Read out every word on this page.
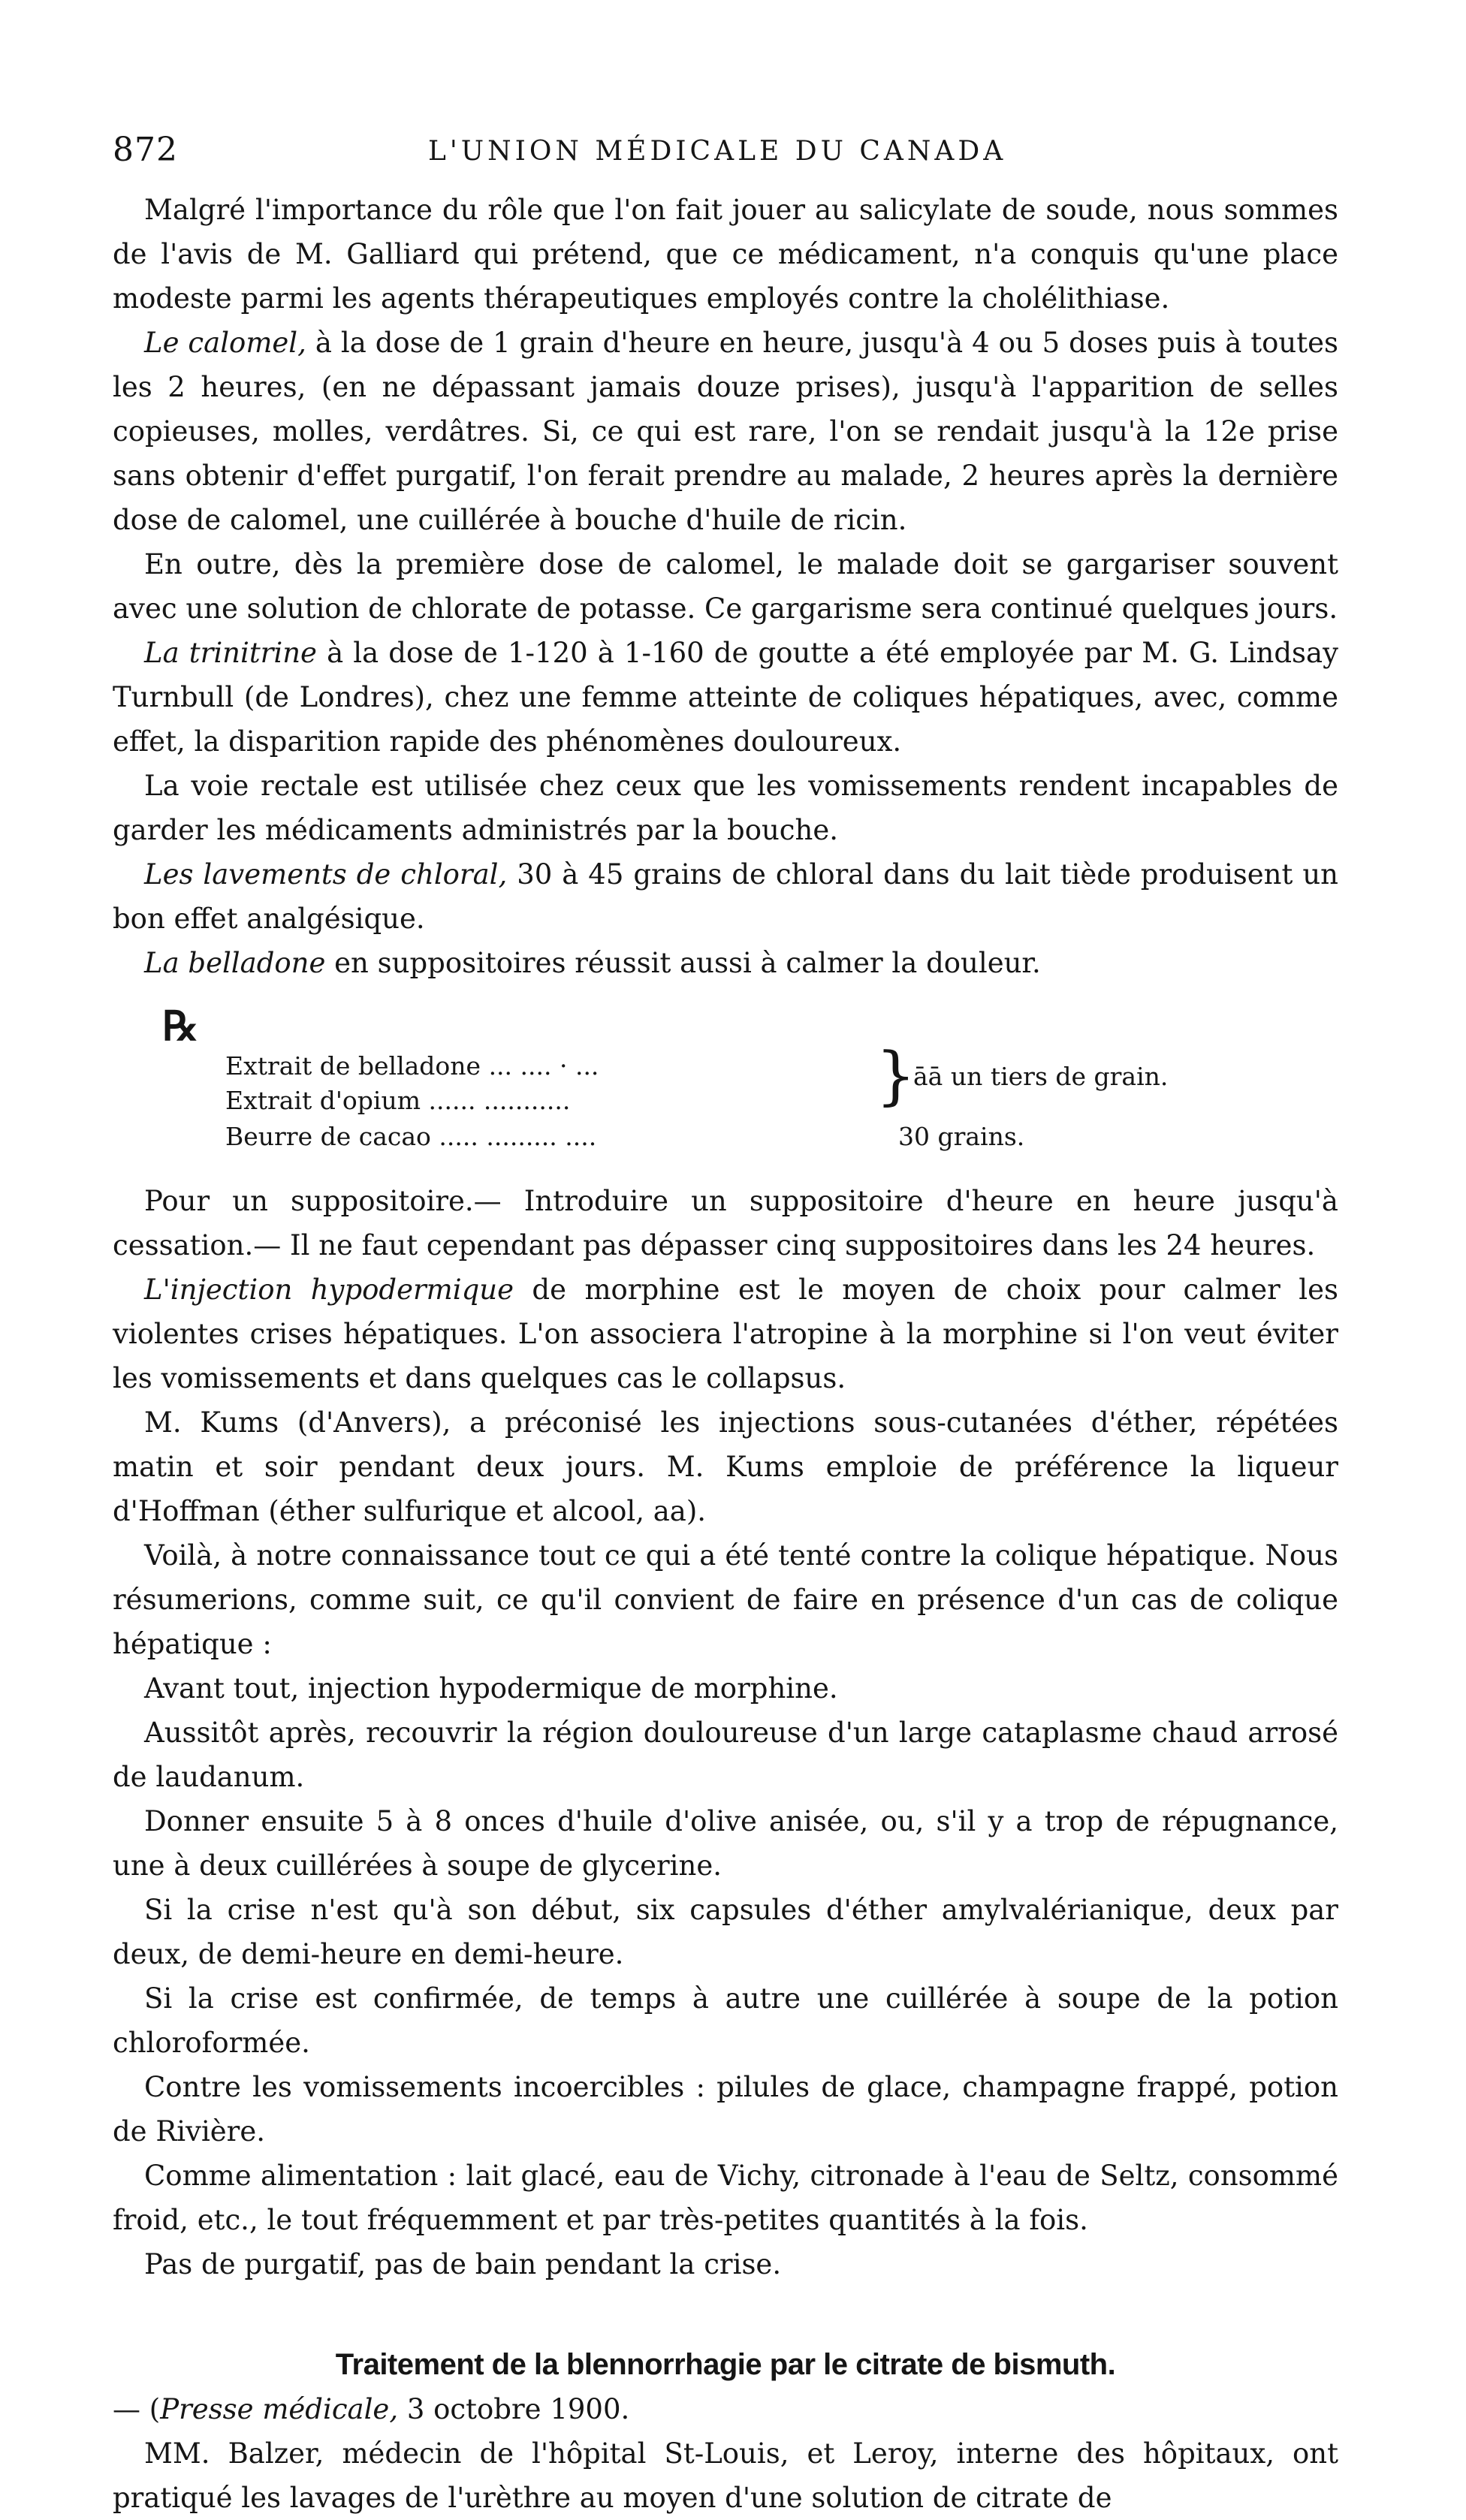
872	L'UNION MÉDICALE DU CANADA

Malgré l'importance du rôle que l'on fait jouer au salicylate de soude, nous sommes de l'avis de M. Galliard qui prétend, que ce médicament, n'a conquis qu'une place modeste parmi les agents thérapeutiques employés contre la cholélithiase.

Le calomel, à la dose de 1 grain d'heure en heure, jusqu'à 4 ou 5 doses puis à toutes les 2 heures, (en ne dépassant jamais douze prises), jusqu'à l'apparition de selles copieuses, molles, verdâtres. Si, ce qui est rare, l'on se rendait jusqu'à la 12e prise sans obtenir d'effet purgatif, l'on ferait prendre au malade, 2 heures après la dernière dose de calomel, une cuillérée à bouche d'huile de ricin.

En outre, dès la première dose de calomel, le malade doit se gargariser souvent avec une solution de chlorate de potasse. Ce gargarisme sera continué quelques jours.

La trinitrine à la dose de 1-120 à 1-160 de goutte a été employée par M. G. Lindsay Turnbull (de Londres), chez une femme atteinte de coliques hépatiques, avec, comme effet, la disparition rapide des phénomènes douloureux.

La voie rectale est utilisée chez ceux que les vomissements rendent incapables de garder les médicaments administrés par la bouche.

Les lavements de chloral, 30 à 45 grains de chloral dans du lait tiède produisent un bon effet analgésique.

La belladone en suppositoires réussit aussi à calmer la douleur.

℞
Extrait de belladone ... .... · ...
Extrait d'opium ...... ...........
Beurre de cacao ..... ......... ....
}
āā un tiers de grain.
30 grains.

Pour un suppositoire.— Introduire un suppositoire d'heure en heure jusqu'à cessation.— Il ne faut cependant pas dépasser cinq suppositoires dans les 24 heures.

L'injection hypodermique de morphine est le moyen de choix pour calmer les violentes crises hépatiques. L'on associera l'atropine à la morphine si l'on veut éviter les vomissements et dans quelques cas le collapsus.

M. Kums (d'Anvers), a préconisé les injections sous-cutanées d'éther, répétées matin et soir pendant deux jours. M. Kums emploie de préférence la liqueur d'Hoffman (éther sulfurique et alcool, aa).

Voilà, à notre connaissance tout ce qui a été tenté contre la colique hépatique. Nous résumerions, comme suit, ce qu'il convient de faire en présence d'un cas de colique hépatique :

Avant tout, injection hypodermique de morphine.

Aussitôt après, recouvrir la région douloureuse d'un large cataplasme chaud arrosé de laudanum.

Donner ensuite 5 à 8 onces d'huile d'olive anisée, ou, s'il y a trop de répugnance, une à deux cuillérées à soupe de glycerine.

Si la crise n'est qu'à son début, six capsules d'éther amylvalérianique, deux par deux, de demi-heure en demi-heure.

Si la crise est confirmée, de temps à autre une cuillérée à soupe de la potion chloroformée.

Contre les vomissements incoercibles : pilules de glace, champagne frappé, potion de Rivière.

Comme alimentation : lait glacé, eau de Vichy, citronade à l'eau de Seltz, consommé froid, etc., le tout fréquemment et par très-petites quantités à la fois.

Pas de purgatif, pas de bain pendant la crise.

Traitement de la blennorrhagie par le citrate de bismuth.

— (Presse médicale, 3 octobre 1900.

MM. Balzer, médecin de l'hôpital St-Louis, et Leroy, interne des hôpitaux, ont pratiqué les lavages de l'urèthre au moyen d'une solution de citrate de
